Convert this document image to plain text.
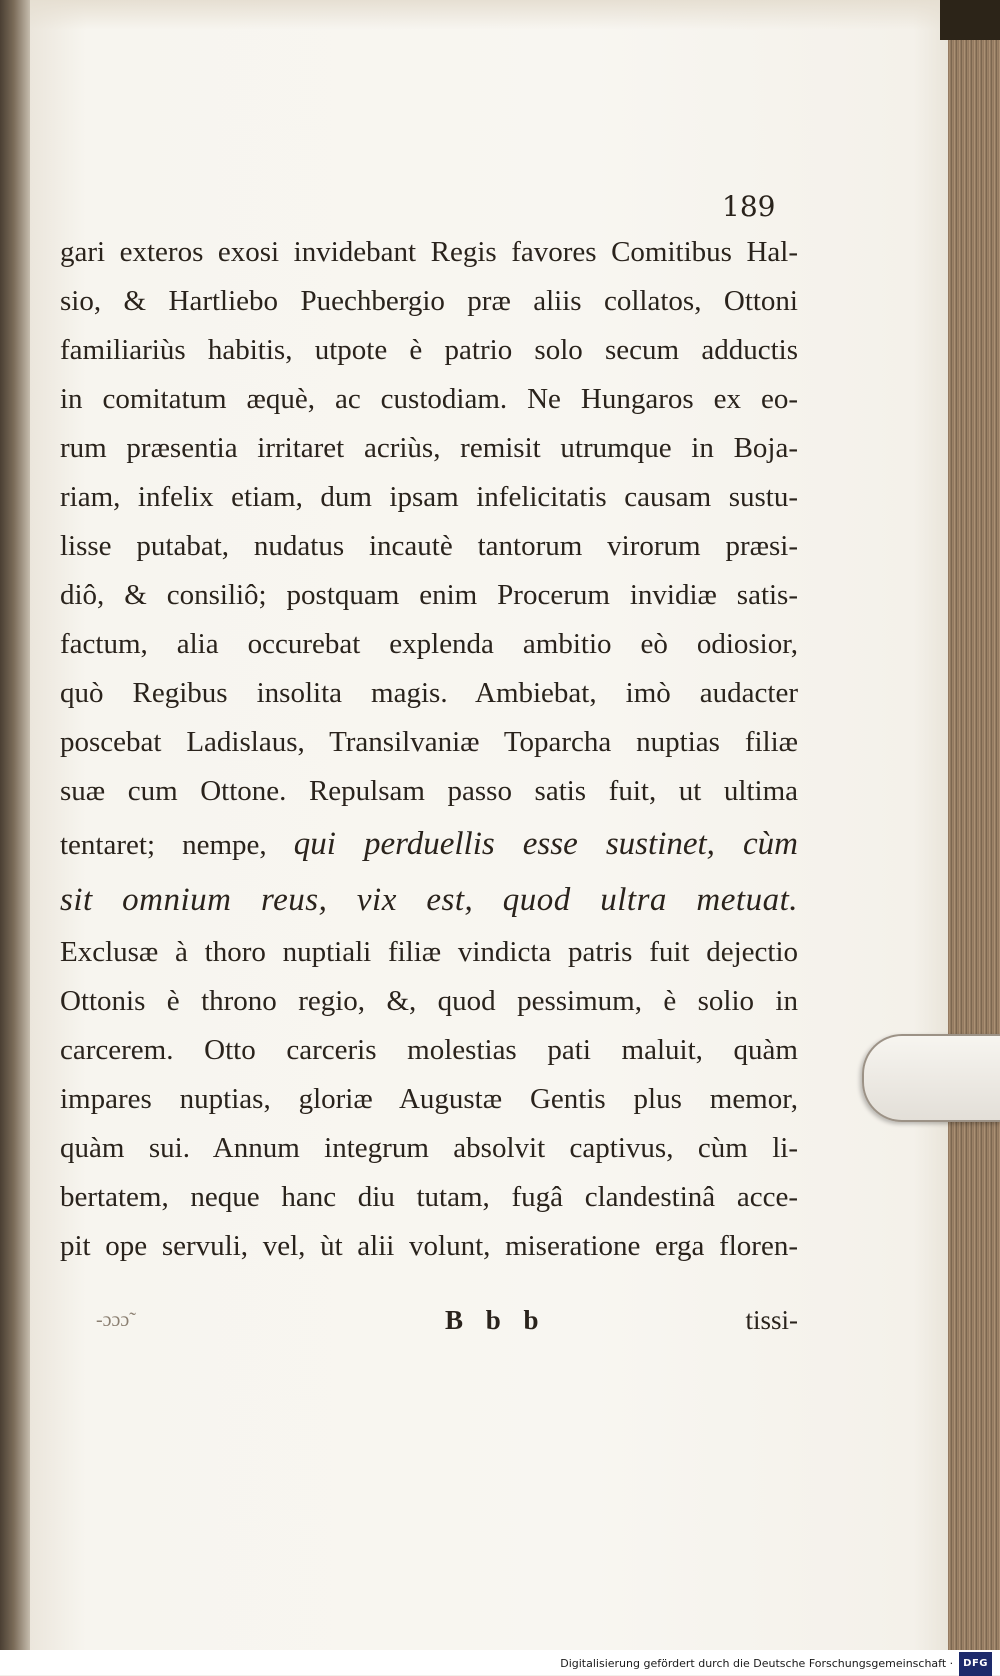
189
gari exteros exosi invidebant Regis favores Comitibus Hal-
sio, & Hartliebo Puechbergio præ aliis collatos, Ottoni
familiariùs habitis, utpote è patrio solo secum adductis
in comitatum æquè, ac custodiam. Ne Hungaros ex eo-
rum præsentia irritaret acriùs, remisit utrumque in Boja-
riam, infelix etiam, dum ipsam infelicitatis causam sustu-
lisse putabat, nudatus incautè tantorum virorum præsi-
diô, & consiliô; postquam enim Procerum invidiæ satis-
factum, alia occurebat explenda ambitio eò odiosior,
quò Regibus insolita magis. Ambiebat, imò audacter
poscebat Ladislaus, Transilvaniæ Toparcha nuptias filiæ
suæ cum Ottone. Repulsam passo satis fuit, ut ultima
tentaret; nempe, qui perduellis esse sustinet, cùm
sit omnium reus, vix est, quod ultra metuat.
Exclusæ à thoro nuptiali filiæ vindicta patris fuit dejectio
Ottonis è throno regio, &, quod pessimum, è solio in
carcerem. Otto carceris molestias pati maluit, quàm
impares nuptias, gloriæ Augustæ Gentis plus memor,
quàm sui. Annum integrum absolvit captivus, cùm li-
bertatem, neque hanc diu tutam, fugâ clandestinâ acce-
pit ope servuli, vel, ùt alii volunt, miseratione erga floren-
-ɔɔɔ̃	B b b	tissi-
Digitalisierung gefördert durch die Deutsche Forschungsgemeinschaft ·	DFG
